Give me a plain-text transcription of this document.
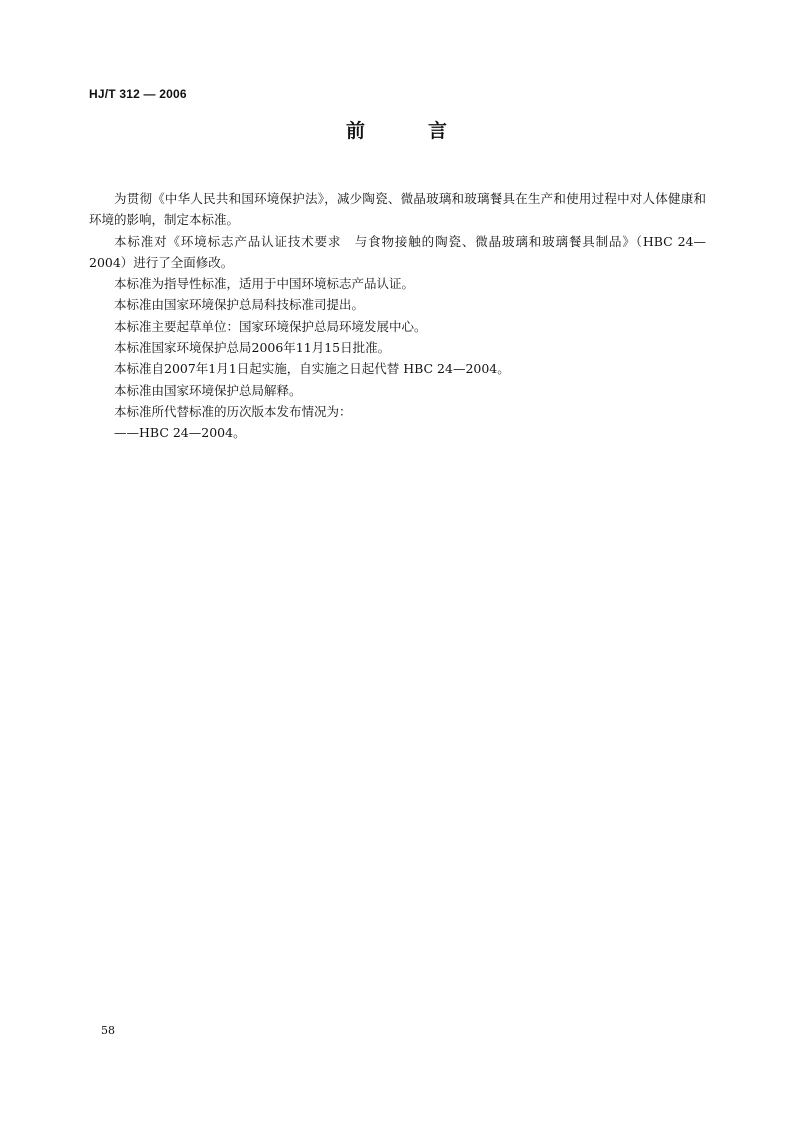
HJ/T 312 — 2006
前　言

为贯彻《中华人民共和国环境保护法》，减少陶瓷、微晶玻璃和玻璃餐具在生产和使用过程中对人体健康和环境的影响，制定本标准。

本标准对《环境标志产品认证技术要求　与食物接触的陶瓷、微晶玻璃和玻璃餐具制品》（HBC 24—2004）进行了全面修改。

本标准为指导性标准，适用于中国环境标志产品认证。

本标准由国家环境保护总局科技标准司提出。

本标准主要起草单位：国家环境保护总局环境发展中心。

本标准国家环境保护总局2006年11月15日批准。

本标准自2007年1月1日起实施，自实施之日起代替 HBC 24—2004。

本标准由国家环境保护总局解释。

本标准所代替标准的历次版本发布情况为：

——HBC 24—2004。

58
